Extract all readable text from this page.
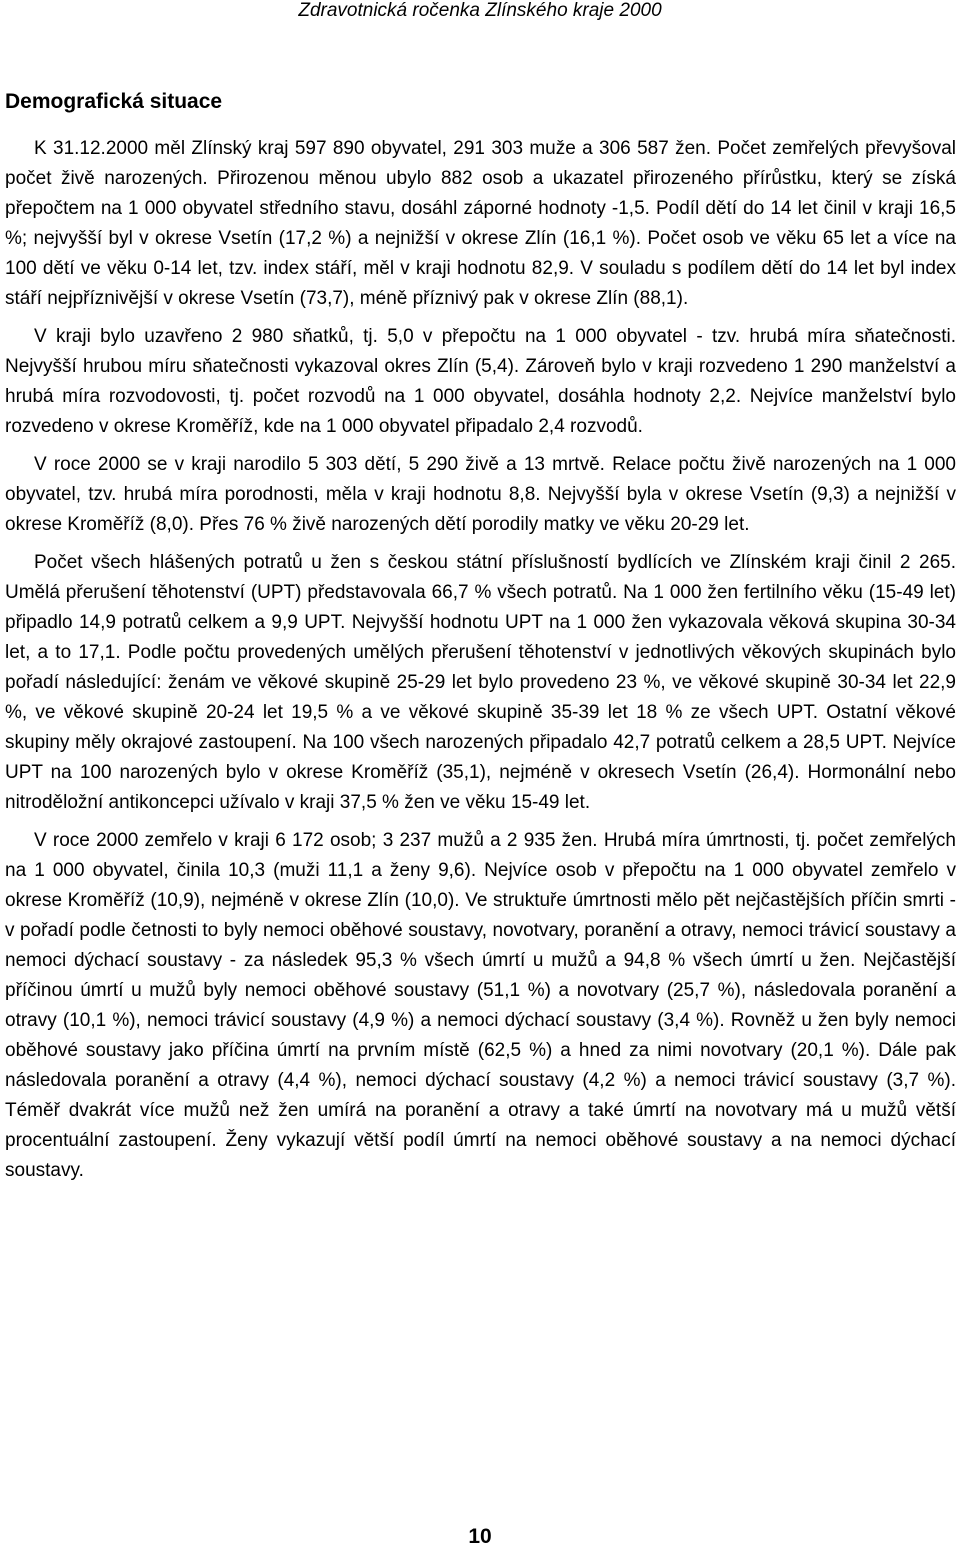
Zdravotnická ročenka Zlínského kraje 2000
Demografická situace

K 31.12.2000 měl Zlínský kraj 597 890 obyvatel, 291 303 muže a 306 587 žen. Počet zemřelých převyšoval počet živě narozených. Přirozenou měnou ubylo 882 osob a ukazatel přirozeného přírůstku, který se získá přepočtem na 1 000 obyvatel středního stavu, dosáhl záporné hodnoty -1,5. Podíl dětí do 14 let činil v kraji 16,5 %; nejvyšší byl v okrese Vsetín (17,2 %) a nejnižší v okrese Zlín (16,1 %). Počet osob ve věku 65 let a více na 100 dětí ve věku 0-14 let, tzv. index stáří, měl v kraji hodnotu 82,9. V souladu s podílem dětí do 14 let byl index stáří nejpříznivější v okrese Vsetín (73,7), méně příznivý pak v okrese Zlín (88,1).

V kraji bylo uzavřeno 2 980 sňatků, tj. 5,0 v přepočtu na 1 000 obyvatel - tzv. hrubá míra sňatečnosti. Nejvyšší hrubou míru sňatečnosti vykazoval okres Zlín (5,4). Zároveň bylo v kraji rozvedeno 1 290 manželství a hrubá míra rozvodovosti, tj. počet rozvodů na 1 000 obyvatel, dosáhla hodnoty 2,2. Nejvíce manželství bylo rozvedeno v okrese Kroměříž, kde na 1 000 obyvatel připadalo 2,4 rozvodů.

V roce 2000 se v kraji narodilo 5 303 dětí, 5 290 živě a 13 mrtvě. Relace počtu živě narozených na 1 000 obyvatel, tzv. hrubá míra porodnosti, měla v kraji hodnotu 8,8. Nejvyšší byla v okrese Vsetín (9,3) a nejnižší v okrese Kroměříž (8,0). Přes 76 % živě narozených dětí porodily matky ve věku 20-29 let.

Počet všech hlášených potratů u žen s českou státní příslušností bydlících ve Zlínském kraji činil 2 265. Umělá přerušení těhotenství (UPT) představovala 66,7 % všech potratů. Na 1 000 žen fertilního věku (15-49 let) připadlo 14,9 potratů celkem a 9,9 UPT. Nejvyšší hodnotu UPT na 1 000 žen vykazovala věková skupina 30-34 let, a to 17,1. Podle počtu provedených umělých přerušení těhotenství v jednotlivých věkových skupinách bylo pořadí následující: ženám ve věkové skupině 25-29 let bylo provedeno 23 %, ve věkové skupině 30-34 let 22,9 %, ve věkové skupině 20-24 let 19,5 % a ve věkové skupině 35-39 let 18 % ze všech UPT. Ostatní věkové skupiny měly okrajové zastoupení. Na 100 všech narozených připadalo 42,7 potratů celkem a 28,5 UPT. Nejvíce UPT na 100 narozených bylo v okrese Kroměříž (35,1), nejméně v okresech Vsetín (26,4). Hormonální nebo nitroděložní antikoncepci užívalo v kraji 37,5 % žen ve věku 15-49 let.

V roce 2000 zemřelo v kraji 6 172 osob; 3 237 mužů a 2 935 žen. Hrubá míra úmrtnosti, tj. počet zemřelých na 1 000 obyvatel, činila 10,3 (muži 11,1 a ženy 9,6). Nejvíce osob v přepočtu na 1 000 obyvatel zemřelo v okrese Kroměříž (10,9), nejméně v okrese Zlín (10,0). Ve struktuře úmrtnosti mělo pět nejčastějších příčin smrti - v pořadí podle četnosti to byly nemoci oběhové soustavy, novotvary, poranění a otravy, nemoci trávicí soustavy a nemoci dýchací soustavy - za následek 95,3 % všech úmrtí u mužů a 94,8 % všech úmrtí u žen. Nejčastější příčinou úmrtí u mužů byly nemoci oběhové soustavy (51,1 %) a novotvary (25,7 %), následovala poranění a otravy (10,1 %), nemoci trávicí soustavy (4,9 %) a nemoci dýchací soustavy (3,4 %). Rovněž u žen byly nemoci oběhové soustavy jako příčina úmrtí na prvním místě (62,5 %) a hned za nimi novotvary (20,1 %). Dále pak následovala poranění a otravy (4,4 %), nemoci dýchací soustavy (4,2 %) a nemoci trávicí soustavy (3,7 %). Téměř dvakrát více mužů než žen umírá na poranění a otravy a také úmrtí na novotvary má u mužů větší procentuální zastoupení. Ženy vykazují větší podíl úmrtí na nemoci oběhové soustavy a na nemoci dýchací soustavy.

10
